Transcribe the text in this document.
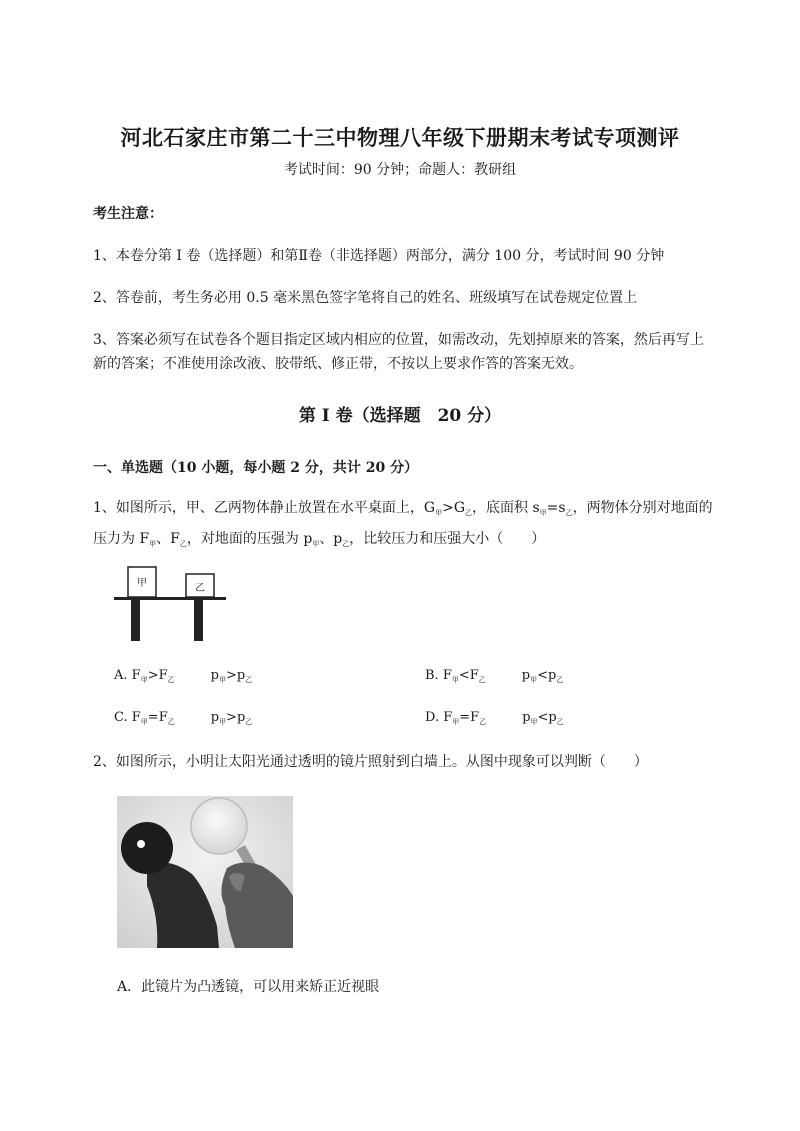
河北石家庄市第二十三中物理八年级下册期末考试专项测评
考试时间：90 分钟；命题人：教研组
考生注意：
1、本卷分第 I 卷（选择题）和第Ⅱ卷（非选择题）两部分，满分 100 分，考试时间 90 分钟
2、答卷前，考生务必用 0.5 毫米黑色签字笔将自己的姓名、班级填写在试卷规定位置上
3、答案必须写在试卷各个题目指定区域内相应的位置，如需改动，先划掉原来的答案，然后再写上新的答案；不准使用涂改液、胶带纸、修正带，不按以上要求作答的答案无效。
第 I 卷（选择题　20 分）
一、单选题（10 小题，每小题 2 分，共计 20 分）
1、如图所示，甲、乙两物体静止放置在水平桌面上，$G_甲>G_乙$，底面积 $s_甲=s_乙$，两物体分别对地面的压力为 $F_甲$、$F_乙$，对地面的压强为 $p_甲$、$p_乙$，比较压力和压强大小（　　）
甲	乙
A. $F_甲>F_乙$	$p_甲>p_乙$	B. $F_甲<F_乙$	$p_甲<p_乙$
C. $F_甲=F_乙$	$p_甲>p_乙$	D. $F_甲=F_乙$	$p_甲<p_乙$
2、如图所示，小明让太阳光通过透明的镜片照射到白墙上。从图中现象可以判断（　　）
A．此镜片为凸透镜，可以用来矫正近视眼
